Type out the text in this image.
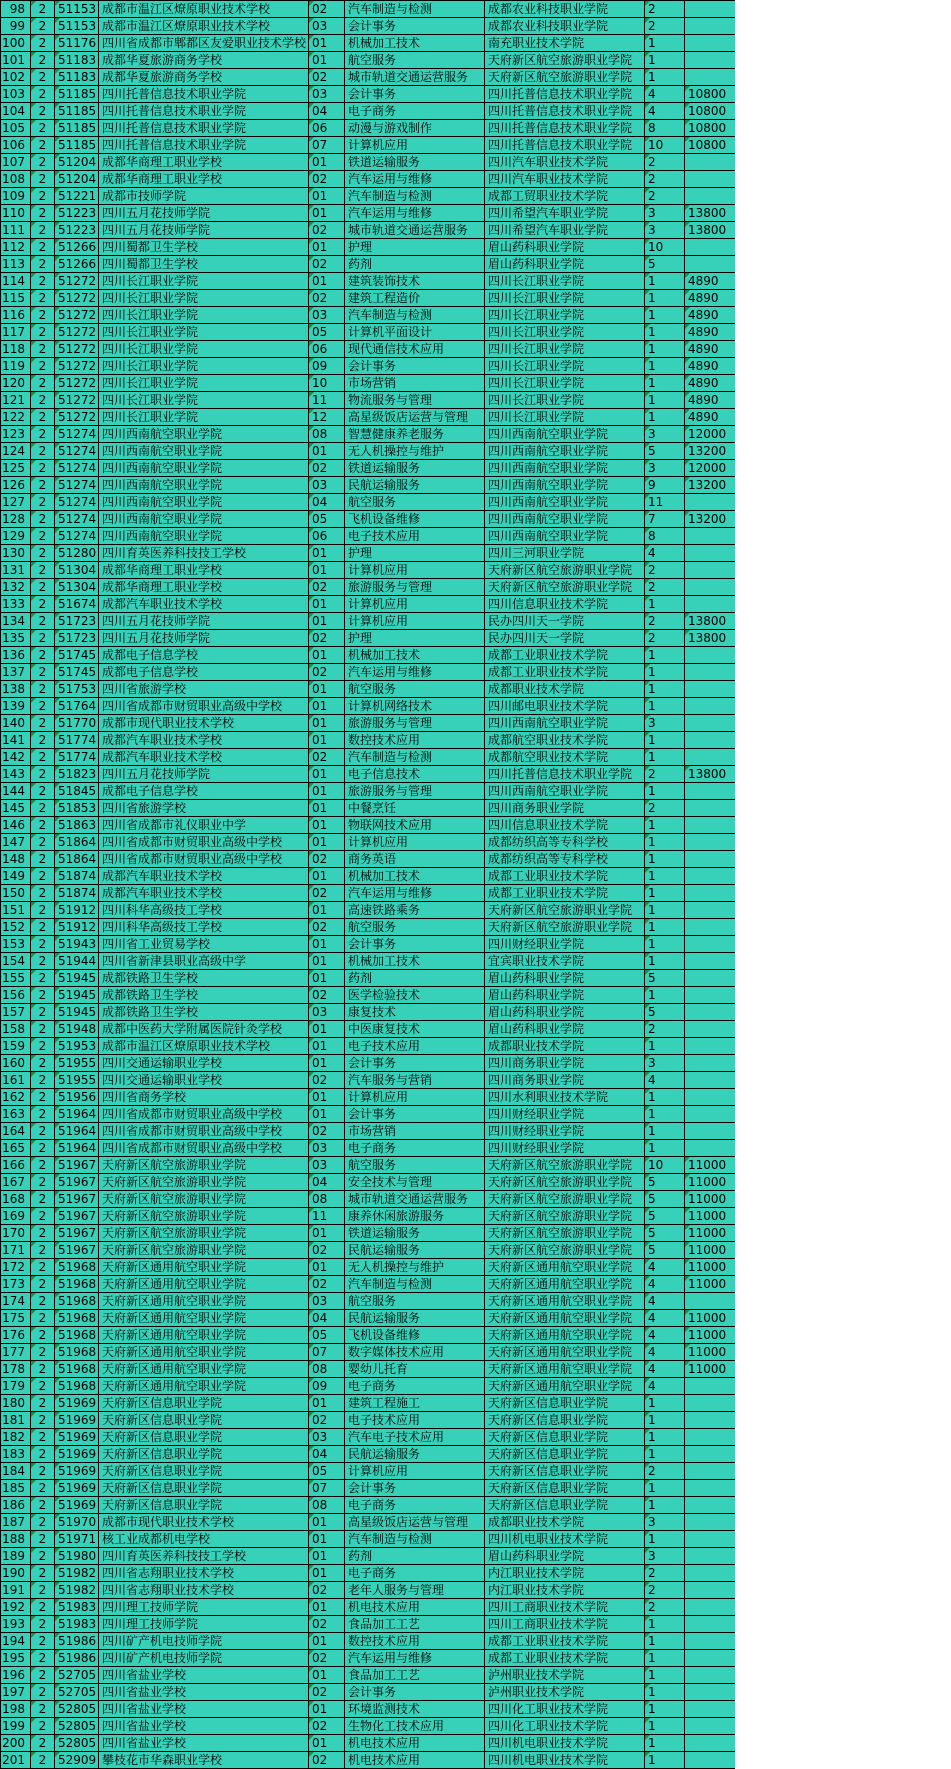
98	2	51153	成都市温江区燎原职业技术学校	02	汽车制造与检测	成都农业科技职业学院	2		
99	2	51153	成都市温江区燎原职业技术学校	03	会计事务	成都农业科技职业学院	2		
100	2	51176	四川省成都市郫都区友爱职业技术学校	01	机械加工技术	南充职业技术学院	1		
101	2	51183	成都华夏旅游商务学校	01	航空服务	天府新区航空旅游职业学院	1		
102	2	51183	成都华夏旅游商务学校	02	城市轨道交通运营服务	天府新区航空旅游职业学院	1		
103	2	51185	四川托普信息技术职业学院	03	会计事务	四川托普信息技术职业学院	4	10800	
104	2	51185	四川托普信息技术职业学院	04	电子商务	四川托普信息技术职业学院	4	10800	
105	2	51185	四川托普信息技术职业学院	06	动漫与游戏制作	四川托普信息技术职业学院	8	10800	
106	2	51185	四川托普信息技术职业学院	07	计算机应用	四川托普信息技术职业学院	10	10800	
107	2	51204	成都华商理工职业学校	01	铁道运输服务	四川汽车职业技术学院	2		
108	2	51204	成都华商理工职业学校	02	汽车运用与维修	四川汽车职业技术学院	2		
109	2	51221	成都市技师学院	01	汽车制造与检测	成都工贸职业技术学院	2		
110	2	51223	四川五月花技师学院	01	汽车运用与维修	四川希望汽车职业学院	3	13800	
111	2	51223	四川五月花技师学院	02	城市轨道交通运营服务	四川希望汽车职业学院	3	13800	
112	2	51266	四川蜀都卫生学校	01	护理	眉山药科职业学院	10		
113	2	51266	四川蜀都卫生学校	02	药剂	眉山药科职业学院	5		
114	2	51272	四川长江职业学院	01	建筑装饰技术	四川长江职业学院	1	4890	
115	2	51272	四川长江职业学院	02	建筑工程造价	四川长江职业学院	1	4890	
116	2	51272	四川长江职业学院	03	汽车制造与检测	四川长江职业学院	1	4890	
117	2	51272	四川长江职业学院	05	计算机平面设计	四川长江职业学院	1	4890	
118	2	51272	四川长江职业学院	06	现代通信技术应用	四川长江职业学院	1	4890	
119	2	51272	四川长江职业学院	09	会计事务	四川长江职业学院	1	4890	
120	2	51272	四川长江职业学院	10	市场营销	四川长江职业学院	1	4890	
121	2	51272	四川长江职业学院	11	物流服务与管理	四川长江职业学院	1	4890	
122	2	51272	四川长江职业学院	12	高星级饭店运营与管理	四川长江职业学院	1	4890	
123	2	51274	四川西南航空职业学院	08	智慧健康养老服务	四川西南航空职业学院	3	12000	
124	2	51274	四川西南航空职业学院	01	无人机操控与维护	四川西南航空职业学院	5	13200	
125	2	51274	四川西南航空职业学院	02	铁道运输服务	四川西南航空职业学院	3	12000	
126	2	51274	四川西南航空职业学院	03	民航运输服务	四川西南航空职业学院	9	13200	
127	2	51274	四川西南航空职业学院	04	航空服务	四川西南航空职业学院	11		
128	2	51274	四川西南航空职业学院	05	飞机设备维修	四川西南航空职业学院	7	13200	
129	2	51274	四川西南航空职业学院	06	电子技术应用	四川西南航空职业学院	8		
130	2	51280	四川育英医养科技技工学校	01	护理	四川三河职业学院	4		
131	2	51304	成都华商理工职业学校	01	计算机应用	天府新区航空旅游职业学院	2		
132	2	51304	成都华商理工职业学校	02	旅游服务与管理	天府新区航空旅游职业学院	2		
133	2	51674	成都汽车职业技术学校	01	计算机应用	四川信息职业技术学院	1		
134	2	51723	四川五月花技师学院	01	计算机应用	民办四川天一学院	2	13800	
135	2	51723	四川五月花技师学院	02	护理	民办四川天一学院	2	13800	
136	2	51745	成都电子信息学校	01	机械加工技术	成都工业职业技术学院	1		
137	2	51745	成都电子信息学校	02	汽车运用与维修	成都工业职业技术学院	1		
138	2	51753	四川省旅游学校	01	航空服务	成都职业技术学院	1		
139	2	51764	四川省成都市财贸职业高级中学校	01	计算机网络技术	四川邮电职业技术学院	1		
140	2	51770	成都市现代职业技术学校	01	旅游服务与管理	四川西南航空职业学院	3		
141	2	51774	成都汽车职业技术学校	01	数控技术应用	成都航空职业技术学院	1		
142	2	51774	成都汽车职业技术学校	02	汽车制造与检测	成都航空职业技术学院	1		
143	2	51823	四川五月花技师学院	01	电子信息技术	四川托普信息技术职业学院	2	13800	
144	2	51845	成都电子信息学校	01	旅游服务与管理	四川西南航空职业学院	1		
145	2	51853	四川省旅游学校	01	中餐烹饪	四川商务职业学院	2		
146	2	51863	四川省成都市礼仪职业中学	01	物联网技术应用	四川信息职业技术学院	1		
147	2	51864	四川省成都市财贸职业高级中学校	01	计算机应用	成都纺织高等专科学校	1		
148	2	51864	四川省成都市财贸职业高级中学校	02	商务英语	成都纺织高等专科学校	1		
149	2	51874	成都汽车职业技术学校	01	机械加工技术	成都工业职业技术学院	1		
150	2	51874	成都汽车职业技术学校	02	汽车运用与维修	成都工业职业技术学院	1		
151	2	51912	四川科华高级技工学校	01	高速铁路乘务	天府新区航空旅游职业学院	1		
152	2	51912	四川科华高级技工学校	02	航空服务	天府新区航空旅游职业学院	1		
153	2	51943	四川省工业贸易学校	01	会计事务	四川财经职业学院	1		
154	2	51944	四川省新津县职业高级中学	01	机械加工技术	宜宾职业技术学院	1		
155	2	51945	成都铁路卫生学校	01	药剂	眉山药科职业学院	5		
156	2	51945	成都铁路卫生学校	02	医学检验技术	眉山药科职业学院	1		
157	2	51945	成都铁路卫生学校	03	康复技术	眉山药科职业学院	5		
158	2	51948	成都中医药大学附属医院针灸学校	01	中医康复技术	眉山药科职业学院	2		
159	2	51953	成都市温江区燎原职业技术学校	01	电子技术应用	成都职业技术学院	1		
160	2	51955	四川交通运输职业学校	01	会计事务	四川商务职业学院	3		
161	2	51955	四川交通运输职业学校	02	汽车服务与营销	四川商务职业学院	4		
162	2	51956	四川省商务学校	01	计算机应用	四川水利职业技术学院	1		
163	2	51964	四川省成都市财贸职业高级中学校	01	会计事务	四川财经职业学院	1		
164	2	51964	四川省成都市财贸职业高级中学校	02	市场营销	四川财经职业学院	1		
165	2	51964	四川省成都市财贸职业高级中学校	03	电子商务	四川财经职业学院	1		
166	2	51967	天府新区航空旅游职业学院	03	航空服务	天府新区航空旅游职业学院	10	11000	
167	2	51967	天府新区航空旅游职业学院	04	安全技术与管理	天府新区航空旅游职业学院	5	11000	
168	2	51967	天府新区航空旅游职业学院	08	城市轨道交通运营服务	天府新区航空旅游职业学院	5	11000	
169	2	51967	天府新区航空旅游职业学院	11	康养休闲旅游服务	天府新区航空旅游职业学院	5	11000	
170	2	51967	天府新区航空旅游职业学院	01	铁道运输服务	天府新区航空旅游职业学院	5	11000	
171	2	51967	天府新区航空旅游职业学院	02	民航运输服务	天府新区航空旅游职业学院	5	11000	
172	2	51968	天府新区通用航空职业学院	01	无人机操控与维护	天府新区通用航空职业学院	4	11000	
173	2	51968	天府新区通用航空职业学院	02	汽车制造与检测	天府新区通用航空职业学院	4	11000	
174	2	51968	天府新区通用航空职业学院	03	航空服务	天府新区通用航空职业学院	4		
175	2	51968	天府新区通用航空职业学院	04	民航运输服务	天府新区通用航空职业学院	4	11000	
176	2	51968	天府新区通用航空职业学院	05	飞机设备维修	天府新区通用航空职业学院	4	11000	
177	2	51968	天府新区通用航空职业学院	07	数字媒体技术应用	天府新区通用航空职业学院	4	11000	
178	2	51968	天府新区通用航空职业学院	08	婴幼儿托育	天府新区通用航空职业学院	4	11000	
179	2	51968	天府新区通用航空职业学院	09	电子商务	天府新区通用航空职业学院	4		
180	2	51969	天府新区信息职业学院	01	建筑工程施工	天府新区信息职业学院	1		
181	2	51969	天府新区信息职业学院	02	电子技术应用	天府新区信息职业学院	1		
182	2	51969	天府新区信息职业学院	03	汽车电子技术应用	天府新区信息职业学院	1		
183	2	51969	天府新区信息职业学院	04	民航运输服务	天府新区信息职业学院	1		
184	2	51969	天府新区信息职业学院	05	计算机应用	天府新区信息职业学院	2		
185	2	51969	天府新区信息职业学院	07	会计事务	天府新区信息职业学院	1		
186	2	51969	天府新区信息职业学院	08	电子商务	天府新区信息职业学院	1		
187	2	51970	成都市现代职业技术学校	01	高星级饭店运营与管理	成都职业技术学院	3		
188	2	51971	核工业成都机电学校	01	汽车制造与检测	四川机电职业技术学院	1		
189	2	51980	四川育英医养科技技工学校	01	药剂	眉山药科职业学院	3		
190	2	51982	四川省志翔职业技术学校	01	电子商务	内江职业技术学院	2		
191	2	51982	四川省志翔职业技术学校	02	老年人服务与管理	内江职业技术学院	2		
192	2	51983	四川理工技师学院	01	机电技术应用	四川工商职业技术学院	2		
193	2	51983	四川理工技师学院	02	食品加工工艺	四川工商职业技术学院	1		
194	2	51986	四川矿产机电技师学院	01	数控技术应用	成都工业职业技术学院	1		
195	2	51986	四川矿产机电技师学院	02	汽车运用与维修	成都工业职业技术学院	1		
196	2	52705	四川省盐业学校	01	食品加工工艺	泸州职业技术学院	1		
197	2	52705	四川省盐业学校	02	会计事务	泸州职业技术学院	1		
198	2	52805	四川省盐业学校	01	环境监测技术	四川化工职业技术学院	1		
199	2	52805	四川省盐业学校	02	生物化工技术应用	四川化工职业技术学院	1		
200	2	52805	四川省盐业学校	01	机电技术应用	四川机电职业技术学院	1		
201	2	52909	攀枝花市华森职业学校	02	机电技术应用	四川机电职业技术学院	1		
